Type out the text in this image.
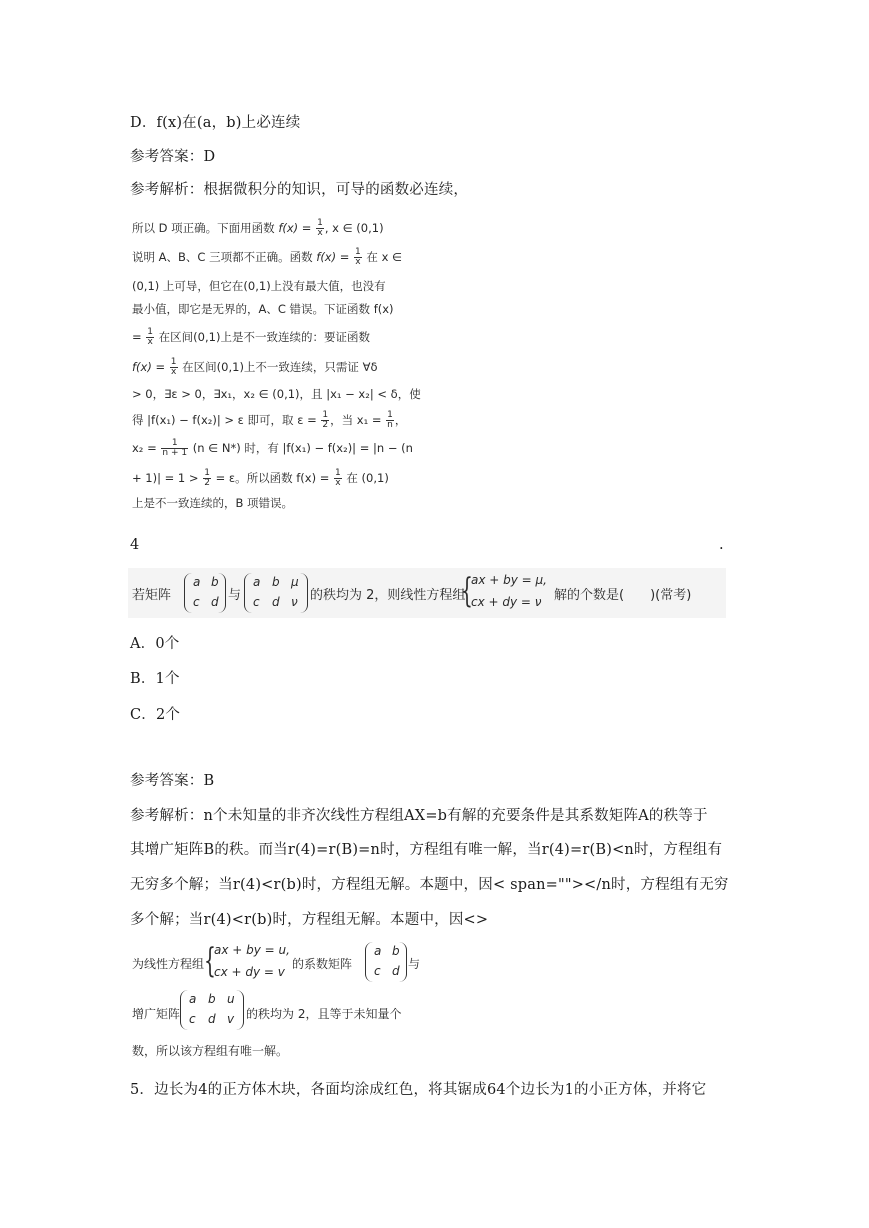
D．f(x)在(a，b)上必连续
参考答案：D
参考解析：根据微积分的知识，可导的函数必连续，
所以 D 项正确。下面用函数 $f(x) = \frac{1}{x}$ , x ∈ (0,1)
说明 A、B、C 三项都不正确。函数 $f(x) = \frac{1}{x}$ 在 x ∈
(0,1) 上可导，但它在(0,1)上没有最大值，也没有
最小值，即它是无界的，A、C 错误。下证函数 f(x)
= $\frac{1}{x}$ 在区间(0,1)上是不一致连续的：要证函数
$f(x) = \frac{1}{x}$ 在区间(0,1)上不一致连续，只需证 ∀δ
> 0，∃ε > 0，∃x₁，x₂ ∈ (0,1)，且 |x₁ − x₂| < δ，使
得 |f(x₁) − f(x₂)| > ε 即可，取 $\varepsilon = \frac{1}{2}$ ，当 $x_1 = \frac{1}{n}$ ，
$x_2 = \frac{1}{n + 1} (n$ ∈ N*) 时，有 |f(x₁) − f(x₂)| = |n − (n
+ $1)| = 1 > \frac{1}{2} = \varepsilon$。所以函数 $f(x) = \frac{1}{x}$ 在 (0,1)
上是不一致连续的，B 项错误。
4	.
若矩阵
a b
c d 与
a b μ
c d ν 的秩均为 2，则线性方程组
{
ax + by = μ,
cx + dy = ν 解的个数是(　　)(常考)
A．0个
B．1个
C．2个
参考答案：B
参考解析：n个未知量的非齐次线性方程组AX=b有解的充要条件是其系数矩阵A的秩等于
其增广矩阵B的秩。而当r(4)=r(B)=n时，方程组有唯一解，当r(4)=r(B)<n时，方程组有
无穷多个解；当r(4)<r(b)时，方程组无解。本题中，因< span=""></n时，方程组有无穷
多个解；当r(4)<r(b)时，方程组无解。本题中，因<>
为线性方程组 {
ax + by = u,
cx + dy = v
的系数矩阵
a b
c d 与
增广矩阵
a b u
c d v 的秩均为 2，且等于未知量个
数，所以该方程组有唯一解。
5．边长为4的正方体木块，各面均涂成红色，将其锯成64个边长为1的小正方体，并将它
